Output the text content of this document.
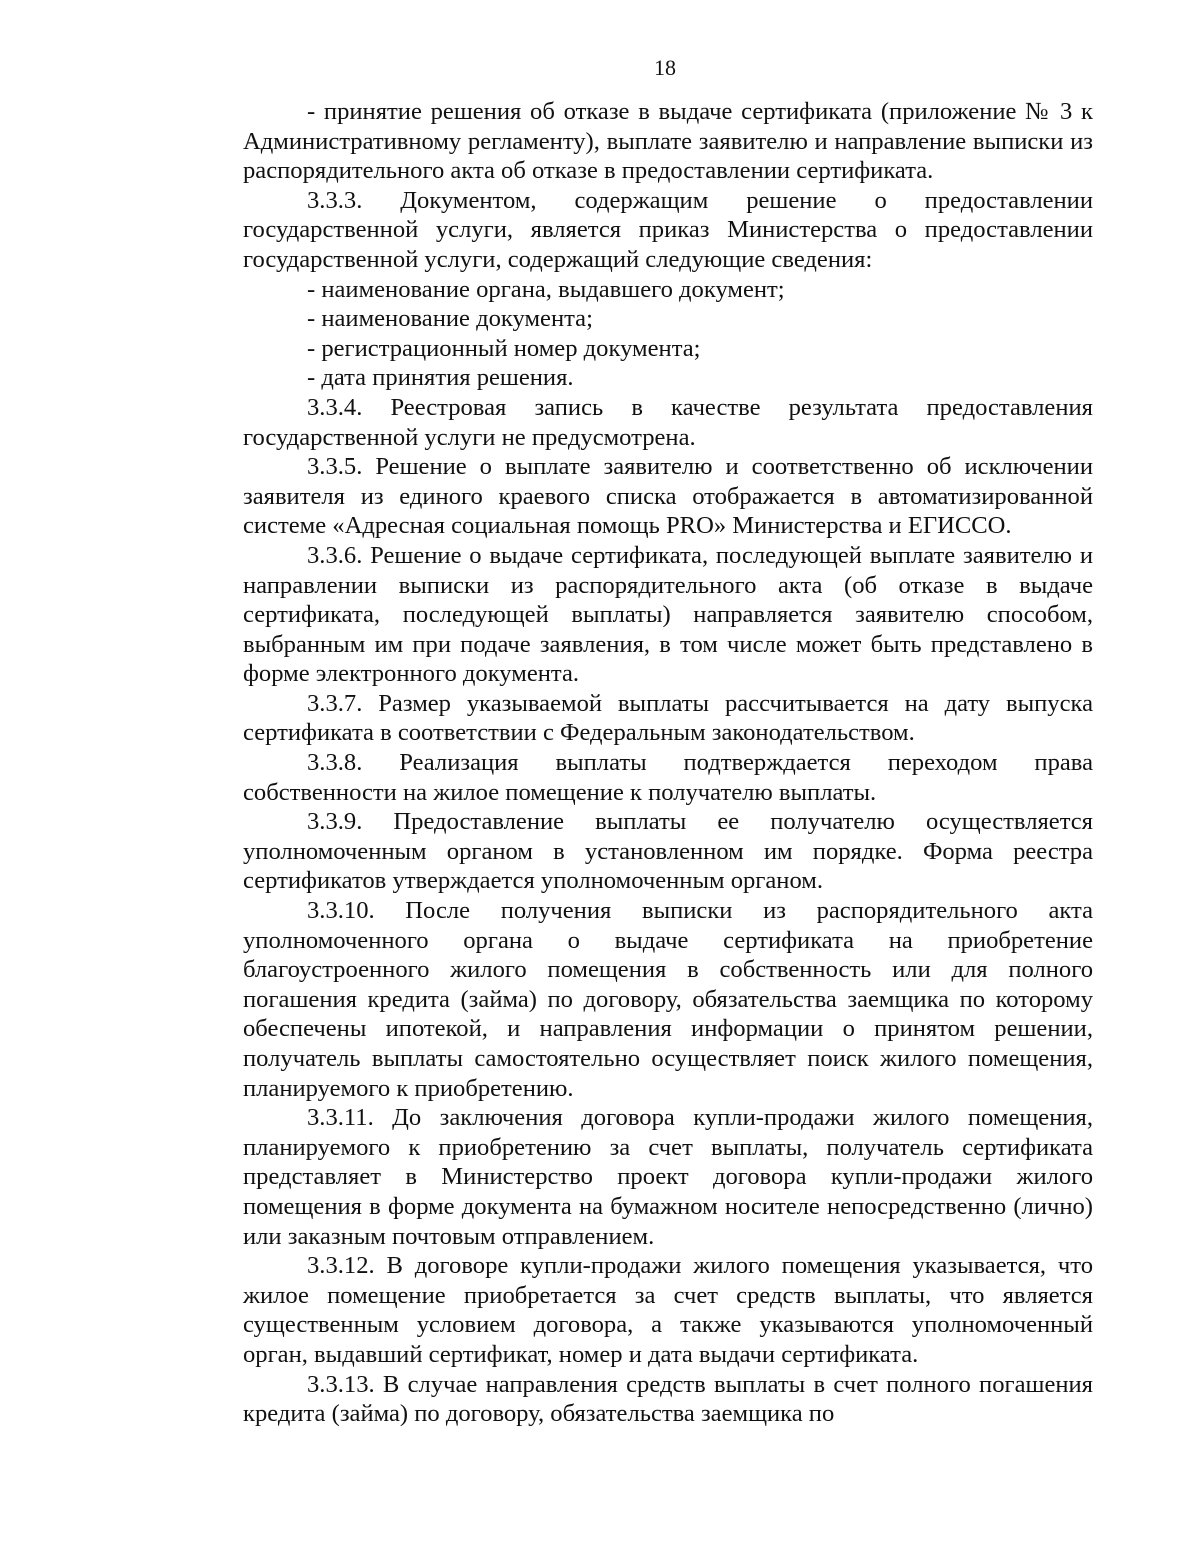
18

- принятие решения об отказе в выдаче сертификата (приложение № 3 к Административному регламенту), выплате заявителю и направление выписки из распорядительного акта об отказе в предоставлении сертификата.

3.3.3. Документом, содержащим решение о предоставлении государственной услуги, является приказ Министерства о предоставлении государственной услуги, содержащий следующие сведения:

- наименование органа, выдавшего документ;

- наименование документа;

- регистрационный номер документа;

- дата принятия решения.

3.3.4. Реестровая запись в качестве результата предоставления государственной услуги не предусмотрена.

3.3.5. Решение о выплате заявителю и соответственно об исключении заявителя из единого краевого списка отображается в автоматизированной системе «Адресная социальная помощь PRO» Министерства и ЕГИССО.

3.3.6. Решение о выдаче сертификата, последующей выплате заявителю и направлении выписки из распорядительного акта (об отказе в выдаче сертификата, последующей выплаты) направляется заявителю способом, выбранным им при подаче заявления, в том числе может быть представлено в форме электронного документа.

3.3.7. Размер указываемой выплаты рассчитывается на дату выпуска сертификата в соответствии с Федеральным законодательством.

3.3.8. Реализация выплаты подтверждается переходом права собственности на жилое помещение к получателю выплаты.

3.3.9. Предоставление выплаты ее получателю осуществляется уполномоченным органом в установленном им порядке. Форма реестра сертификатов утверждается уполномоченным органом.

3.3.10. После получения выписки из распорядительного акта уполномоченного органа о выдаче сертификата на приобретение благоустроенного жилого помещения в собственность или для полного погашения кредита (займа) по договору, обязательства заемщика по которому обеспечены ипотекой, и направления информации о принятом решении, получатель выплаты самостоятельно осуществляет поиск жилого помещения, планируемого к приобретению.

3.3.11. До заключения договора купли-продажи жилого помещения, планируемого к приобретению за счет выплаты, получатель сертификата представляет в Министерство проект договора купли-продажи жилого помещения в форме документа на бумажном носителе непосредственно (лично) или заказным почтовым отправлением.

3.3.12. В договоре купли-продажи жилого помещения указывается, что жилое помещение приобретается за счет средств выплаты, что является существенным условием договора, а также указываются уполномоченный орган, выдавший сертификат, номер и дата выдачи сертификата.

3.3.13. В случае направления средств выплаты в счет полного погашения кредита (займа) по договору, обязательства заемщика по
